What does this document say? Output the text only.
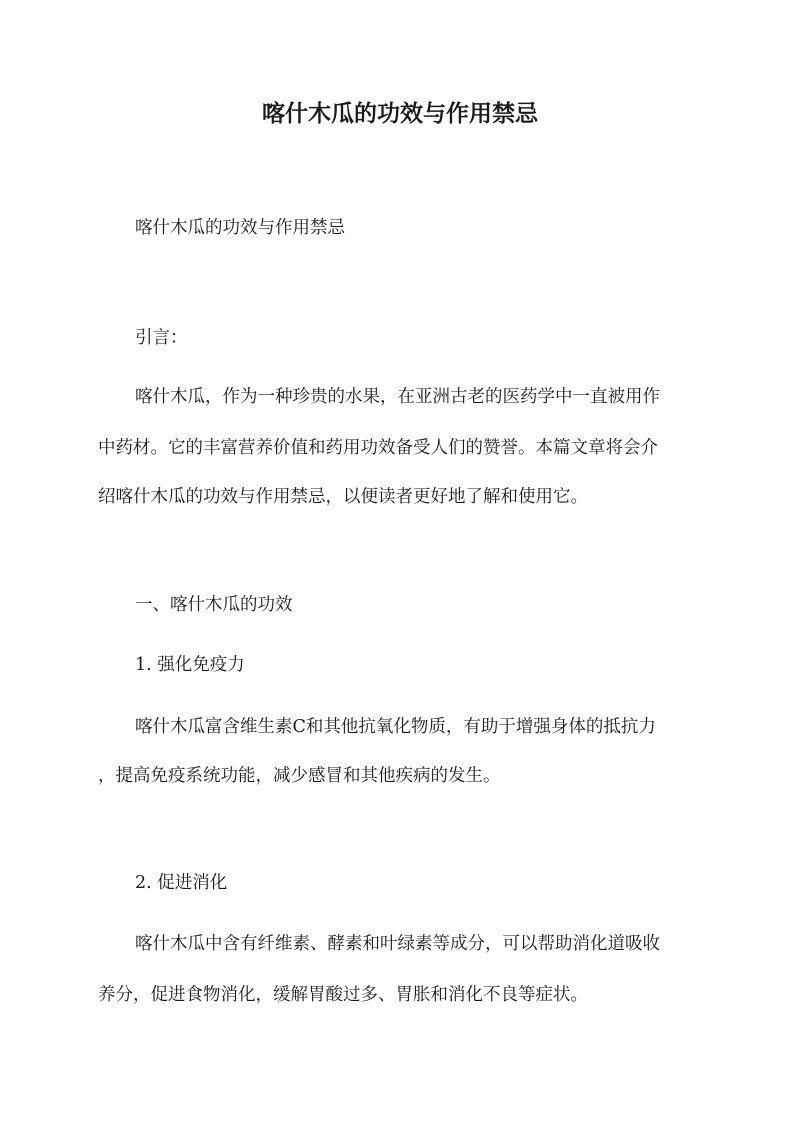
喀什木瓜的功效与作用禁忌

喀什木瓜的功效与作用禁忌

引言：

喀什木瓜，作为一种珍贵的水果，在亚洲古老的医药学中一直被用作

中药材。它的丰富营养价值和药用功效备受人们的赞誉。本篇文章将会介

绍喀什木瓜的功效与作用禁忌，以便读者更好地了解和使用它。

一、喀什木瓜的功效

1. 强化免疫力

喀什木瓜富含维生素C和其他抗氧化物质，有助于增强身体的抵抗力

，提高免疫系统功能，减少感冒和其他疾病的发生。

2. 促进消化

喀什木瓜中含有纤维素、酵素和叶绿素等成分，可以帮助消化道吸收

养分，促进食物消化，缓解胃酸过多、胃胀和消化不良等症状。
